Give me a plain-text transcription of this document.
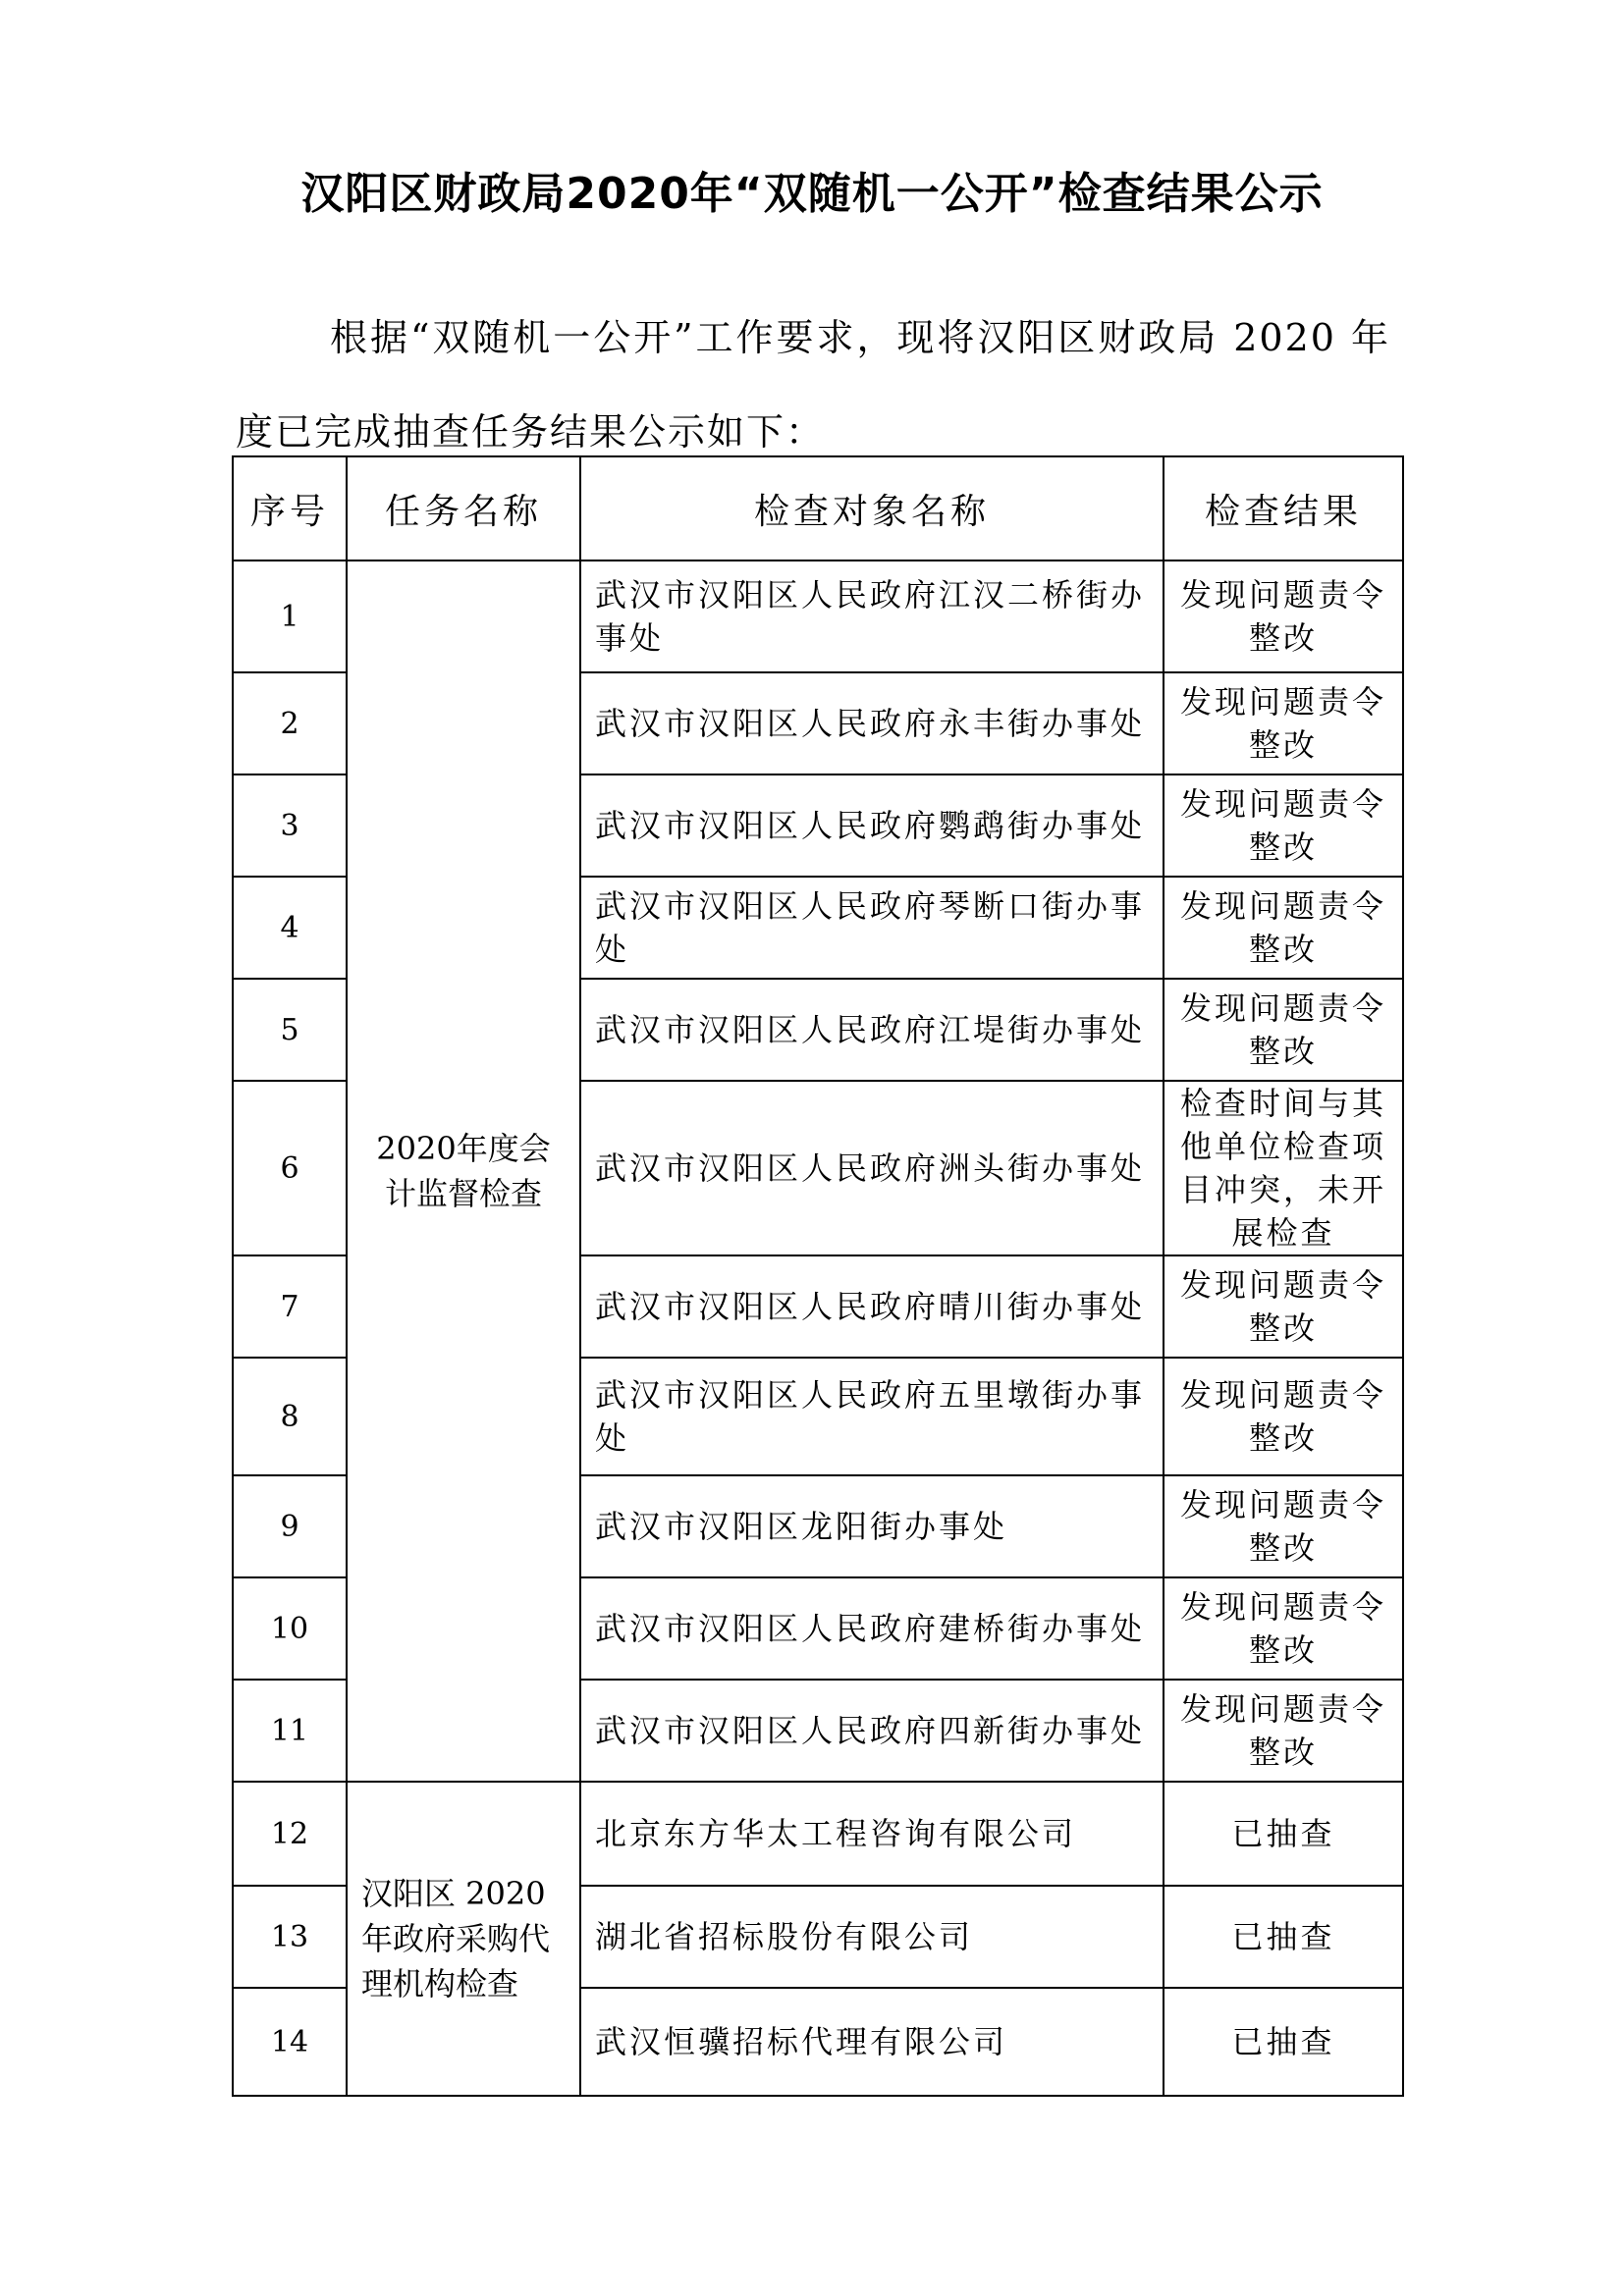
汉阳区财政局2020年“双随机一公开”检查结果公示
根据“双随机一公开”工作要求，现将汉阳区财政局 2020 年度已完成抽查任务结果公示如下：
序号	任务名称	检查对象名称	检查结果
1	2020年度会计监督检查	武汉市汉阳区人民政府江汉二桥街办事处	发现问题责令整改
2		武汉市汉阳区人民政府永丰街办事处	发现问题责令整改
3		武汉市汉阳区人民政府鹦鹉街办事处	发现问题责令整改
4		武汉市汉阳区人民政府琴断口街办事处	发现问题责令整改
5		武汉市汉阳区人民政府江堤街办事处	发现问题责令整改
6		武汉市汉阳区人民政府洲头街办事处	检查时间与其他单位检查项目冲突，未开展检查
7		武汉市汉阳区人民政府晴川街办事处	发现问题责令整改
8		武汉市汉阳区人民政府五里墩街办事处	发现问题责令整改
9		武汉市汉阳区龙阳街办事处	发现问题责令整改
10		武汉市汉阳区人民政府建桥街办事处	发现问题责令整改
11		武汉市汉阳区人民政府四新街办事处	发现问题责令整改
12	汉阳区 2020年政府采购代理机构检查	北京东方华太工程咨询有限公司	已抽查
13		湖北省招标股份有限公司	已抽查
14		武汉恒骥招标代理有限公司	已抽查
